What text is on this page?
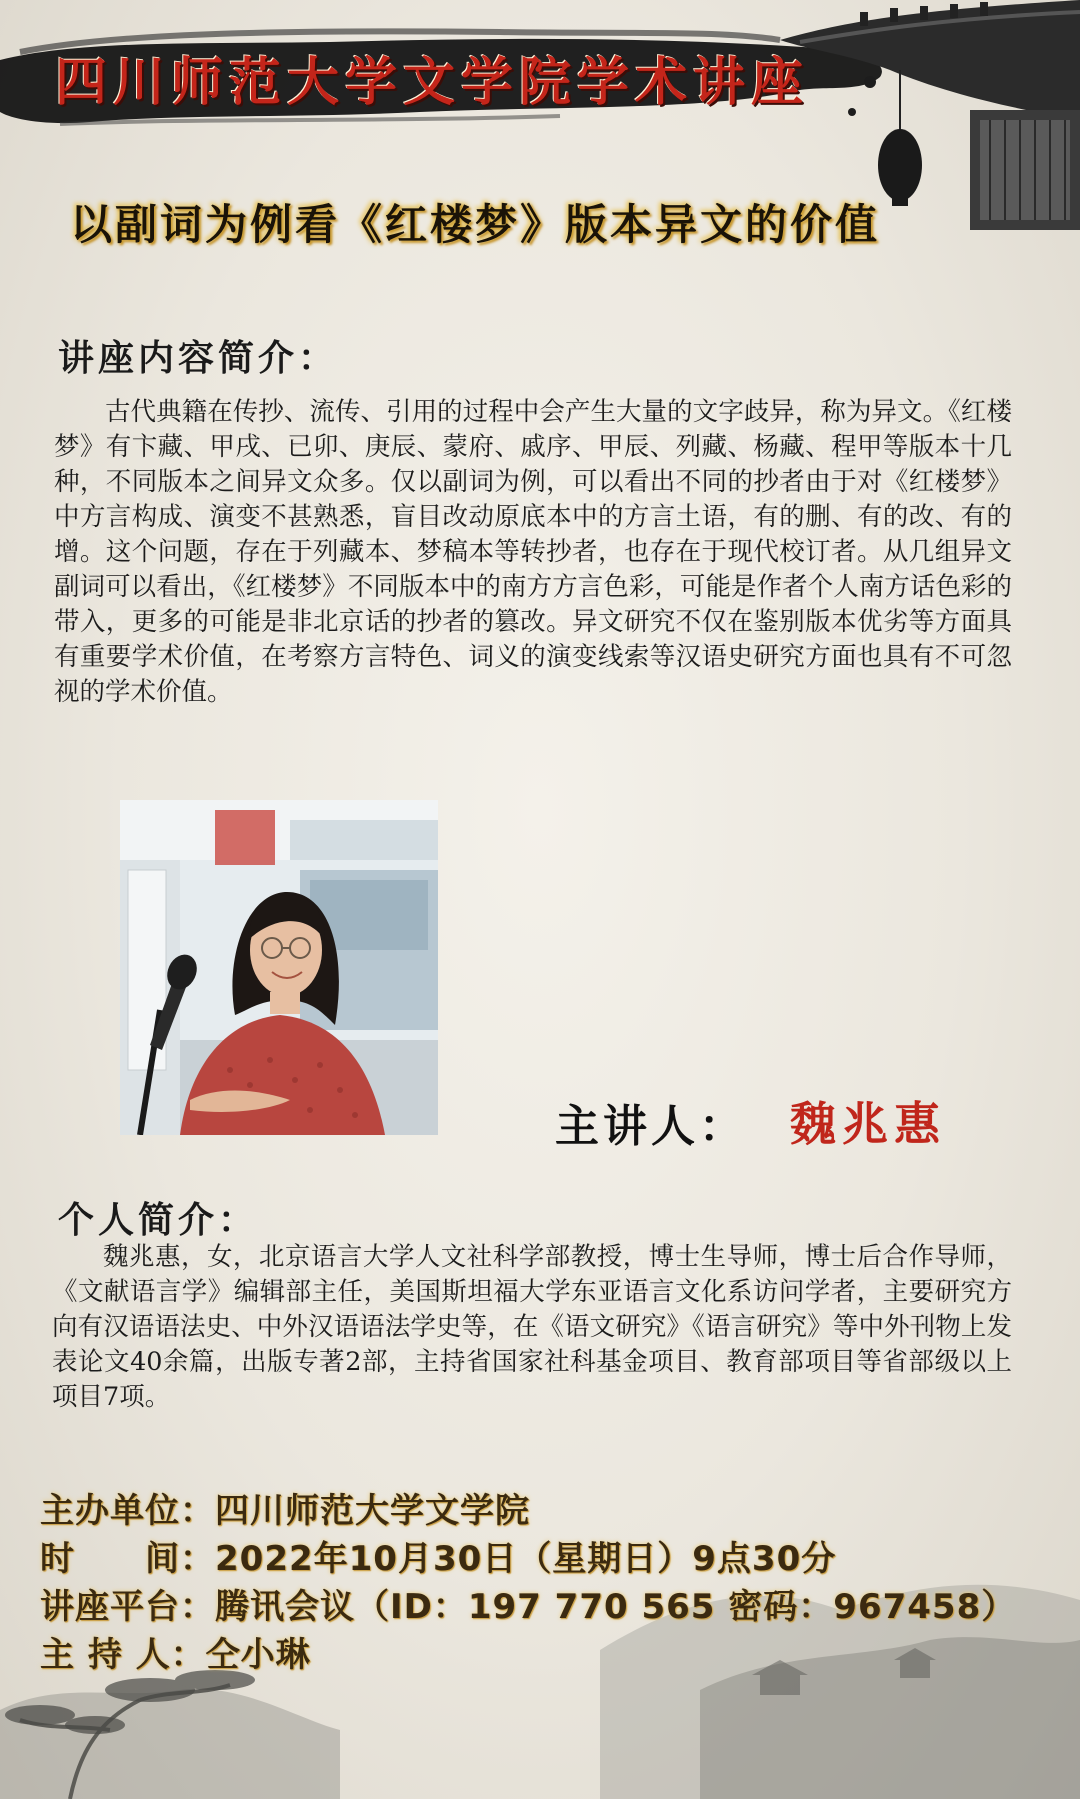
四川师范大学文学院学术讲座
以副词为例看《红楼梦》版本异文的价值
讲座内容简介：
古代典籍在传抄、流传、引用的过程中会产生大量的文字歧异，称为异文。《红楼梦》有卞藏、甲戌、已卯、庚辰、蒙府、戚序、甲辰、列藏、杨藏、程甲等版本十几种，不同版本之间异文众多。仅以副词为例，可以看出不同的抄者由于对《红楼梦》中方言构成、演变不甚熟悉，盲目改动原底本中的方言土语，有的删、有的改、有的增。这个问题，存在于列藏本、梦稿本等转抄者，也存在于现代校订者。从几组异文副词可以看出，《红楼梦》不同版本中的南方方言色彩，可能是作者个人南方话色彩的带入，更多的可能是非北京话的抄者的篡改。异文研究不仅在鉴别版本优劣等方面具有重要学术价值，在考察方言特色、词义的演变线索等汉语史研究方面也具有不可忽视的学术价值。
主讲人： 魏兆惠
个人简介：
魏兆惠，女，北京语言大学人文社科学部教授，博士生导师，博士后合作导师，《文献语言学》编辑部主任，美国斯坦福大学东亚语言文化系访问学者，主要研究方向有汉语语法史、中外汉语语法学史等，在《语文研究》《语言研究》等中外刊物上发表论文40余篇，出版专著2部，主持省国家社科基金项目、教育部项目等省部级以上项目7项。
主办单位：四川师范大学文学院
时　　间：2022年10月30日（星期日）9点30分
讲座平台：腾讯会议（ID：197 770 565 密码：967458）
主 持 人：仝小琳
